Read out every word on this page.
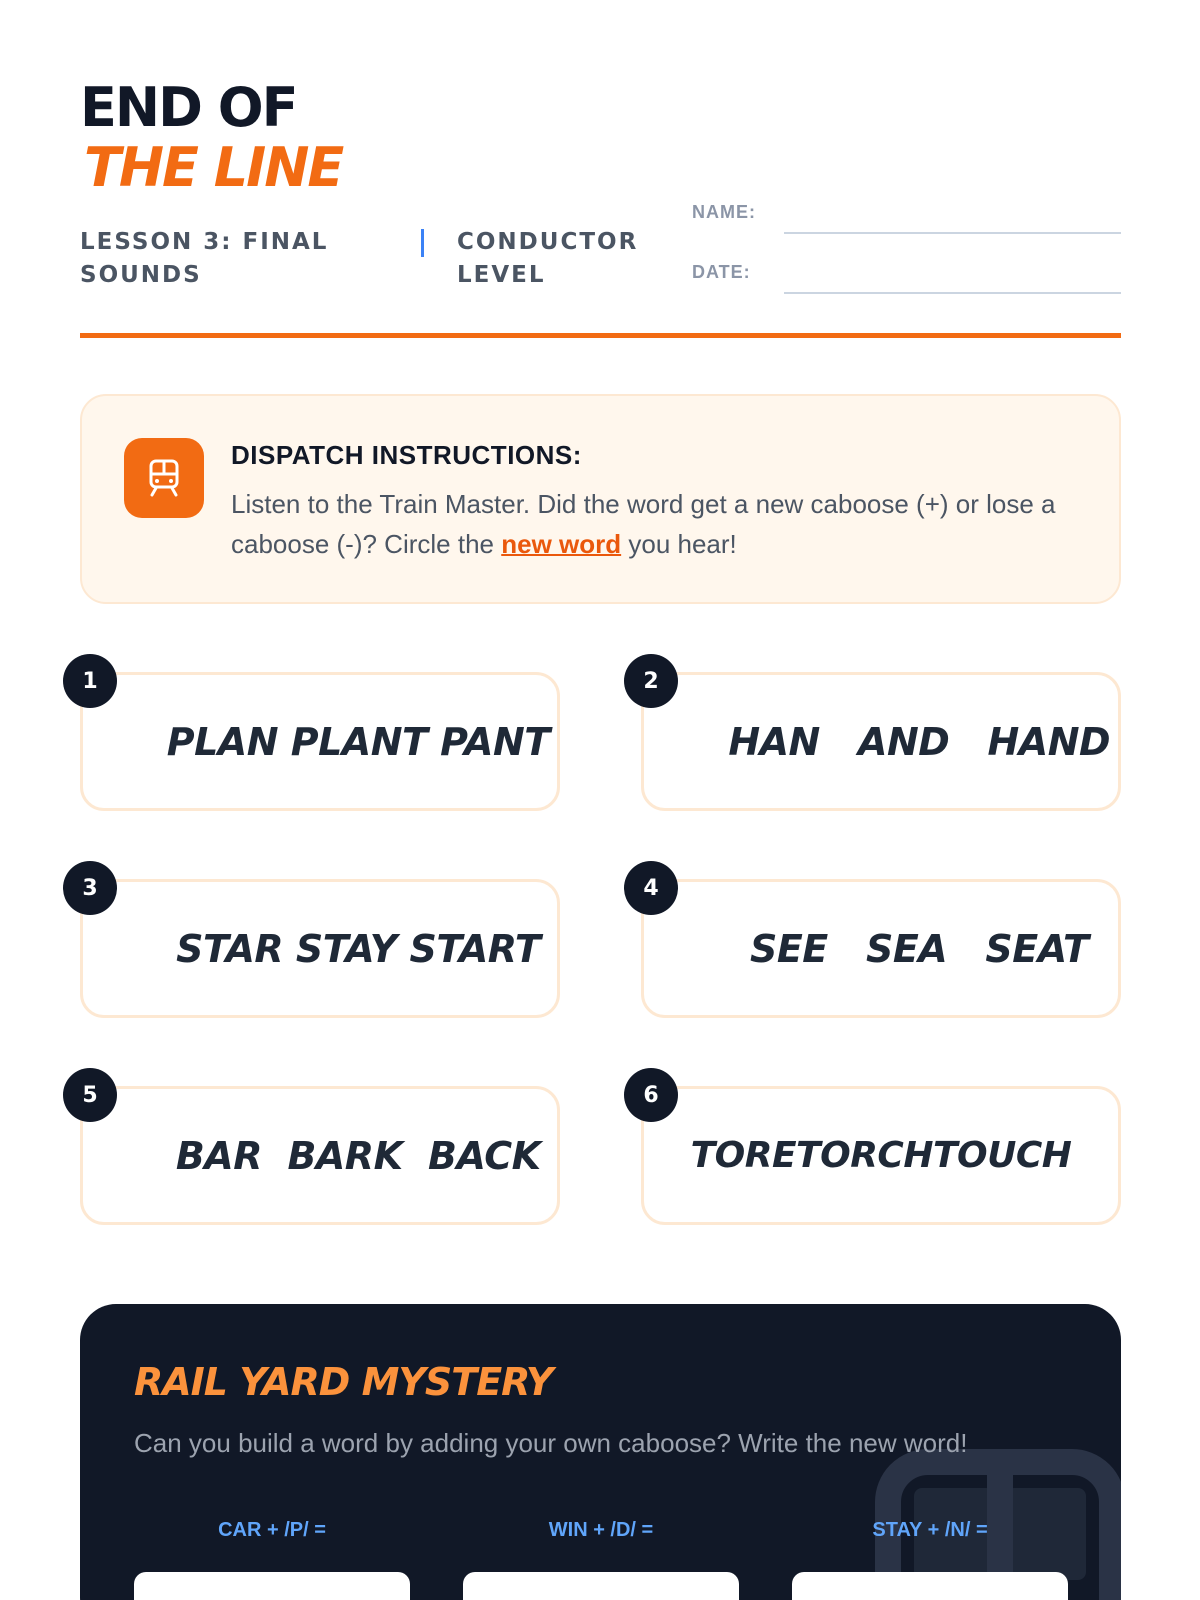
END OF
THE LINE
LESSON 3: FINAL SOUNDS
CONDUCTOR LEVEL
NAME:
DATE:
DISPATCH INSTRUCTIONS:
Listen to the Train Master. Did the word get a new caboose (+) or lose a caboose (-)? Circle the new word you hear!

PLAN PLANT PANT

1

HAN AND HAND

2

STAR STAY START

3

SEE SEA SEAT

4

BAR BARK BACK

5
TORETORCHTOUCH
6
RAIL YARD MYSTERY
Can you build a word by adding your own caboose? Write the new word!
CAR + /P/ =	WIN + /D/ =	STAY + /N/ =
